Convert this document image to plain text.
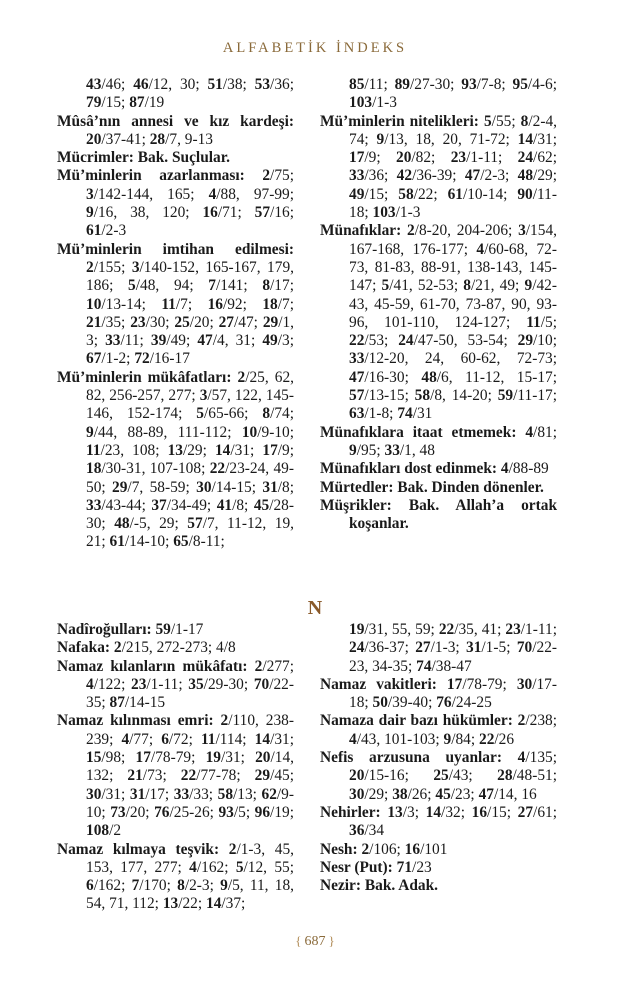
ALFABETİK İNDEKS

43/46; 46/12, 30; 51/38; 53/36; 79/15; 87/19

Mûsâ’nın annesi ve kız kardeşi: 20/37-41; 28/7, 9-13

Mücrimler: Bak. Suçlular.

Mü’minlerin azarlanması: 2/75; 3/142-144, 165; 4/88, 97-99; 9/16, 38, 120; 16/71; 57/16; 61/2-3

Mü’minlerin imtihan edilmesi: 2/155; 3/140-152, 165-167, 179, 186; 5/48, 94; 7/141; 8/17; 10/13-14; 11/7; 16/92; 18/7; 21/35; 23/30; 25/20; 27/47; 29/1, 3; 33/11; 39/49; 47/4, 31; 49/3; 67/1-2; 72/16-17

Mü’minlerin mükâfatları: 2/25, 62, 82, 256-257, 277; 3/57, 122, 145-146, 152-174; 5/65-66; 8/74; 9/44, 88-89, 111-112; 10/9-10; 11/23, 108; 13/29; 14/31; 17/9; 18/30-31, 107-108; 22/23-24, 49-50; 29/7, 58-59; 30/14-15; 31/8; 33/43-44; 37/34-49; 41/8; 45/28-30; 48/-5, 29; 57/7, 11-12, 19, 21; 61/14-10; 65/8-11;

85/11; 89/27-30; 93/7-8; 95/4-6; 103/1-3

Mü’minlerin nitelikleri: 5/55; 8/2-4, 74; 9/13, 18, 20, 71-72; 14/31; 17/9; 20/82; 23/1-11; 24/62; 33/36; 42/36-39; 47/2-3; 48/29; 49/15; 58/22; 61/10-14; 90/11-18; 103/1-3

Münafıklar: 2/8-20, 204-206; 3/154, 167-168, 176-177; 4/60-68, 72-73, 81-83, 88-91, 138-143, 145-147; 5/41, 52-53; 8/21, 49; 9/42-43, 45-59, 61-70, 73-87, 90, 93-96, 101-110, 124-127; 11/5; 22/53; 24/47-50, 53-54; 29/10; 33/12-20, 24, 60-62, 72-73; 47/16-30; 48/6, 11-12, 15-17; 57/13-15; 58/8, 14-20; 59/11-17; 63/1-8; 74/31

Münafıklara itaat etmemek: 4/81; 9/95; 33/1, 48

Münafıkları dost edinmek: 4/88-89

Mürtedler: Bak. Dinden dönenler.

Müşrikler: Bak. Allah’a ortak koşanlar.

N

Nadîroğulları: 59/1-17

Nafaka: 2/215, 272-273; 4/8

Namaz kılanların mükâfatı: 2/277; 4/122; 23/1-11; 35/29-30; 70/22-35; 87/14-15

Namaz kılınması emri: 2/110, 238-239; 4/77; 6/72; 11/114; 14/31; 15/98; 17/78-79; 19/31; 20/14, 132; 21/73; 22/77-78; 29/45; 30/31; 31/17; 33/33; 58/13; 62/9-10; 73/20; 76/25-26; 93/5; 96/19; 108/2

Namaz kılmaya teşvik: 2/1-3, 45, 153, 177, 277; 4/162; 5/12, 55; 6/162; 7/170; 8/2-3; 9/5, 11, 18, 54, 71, 112; 13/22; 14/37;

19/31, 55, 59; 22/35, 41; 23/1-11; 24/36-37; 27/1-3; 31/1-5; 70/22-23, 34-35; 74/38-47

Namaz vakitleri: 17/78-79; 30/17-18; 50/39-40; 76/24-25

Namaza dair bazı hükümler: 2/238; 4/43, 101-103; 9/84; 22/26

Nefis arzusuna uyanlar: 4/135; 20/15-16; 25/43; 28/48-51; 30/29; 38/26; 45/23; 47/14, 16

Nehirler: 13/3; 14/32; 16/15; 27/61; 36/34

Nesh: 2/106; 16/101

Nesr (Put): 71/23

Nezir: Bak. Adak.

{ 687 }
